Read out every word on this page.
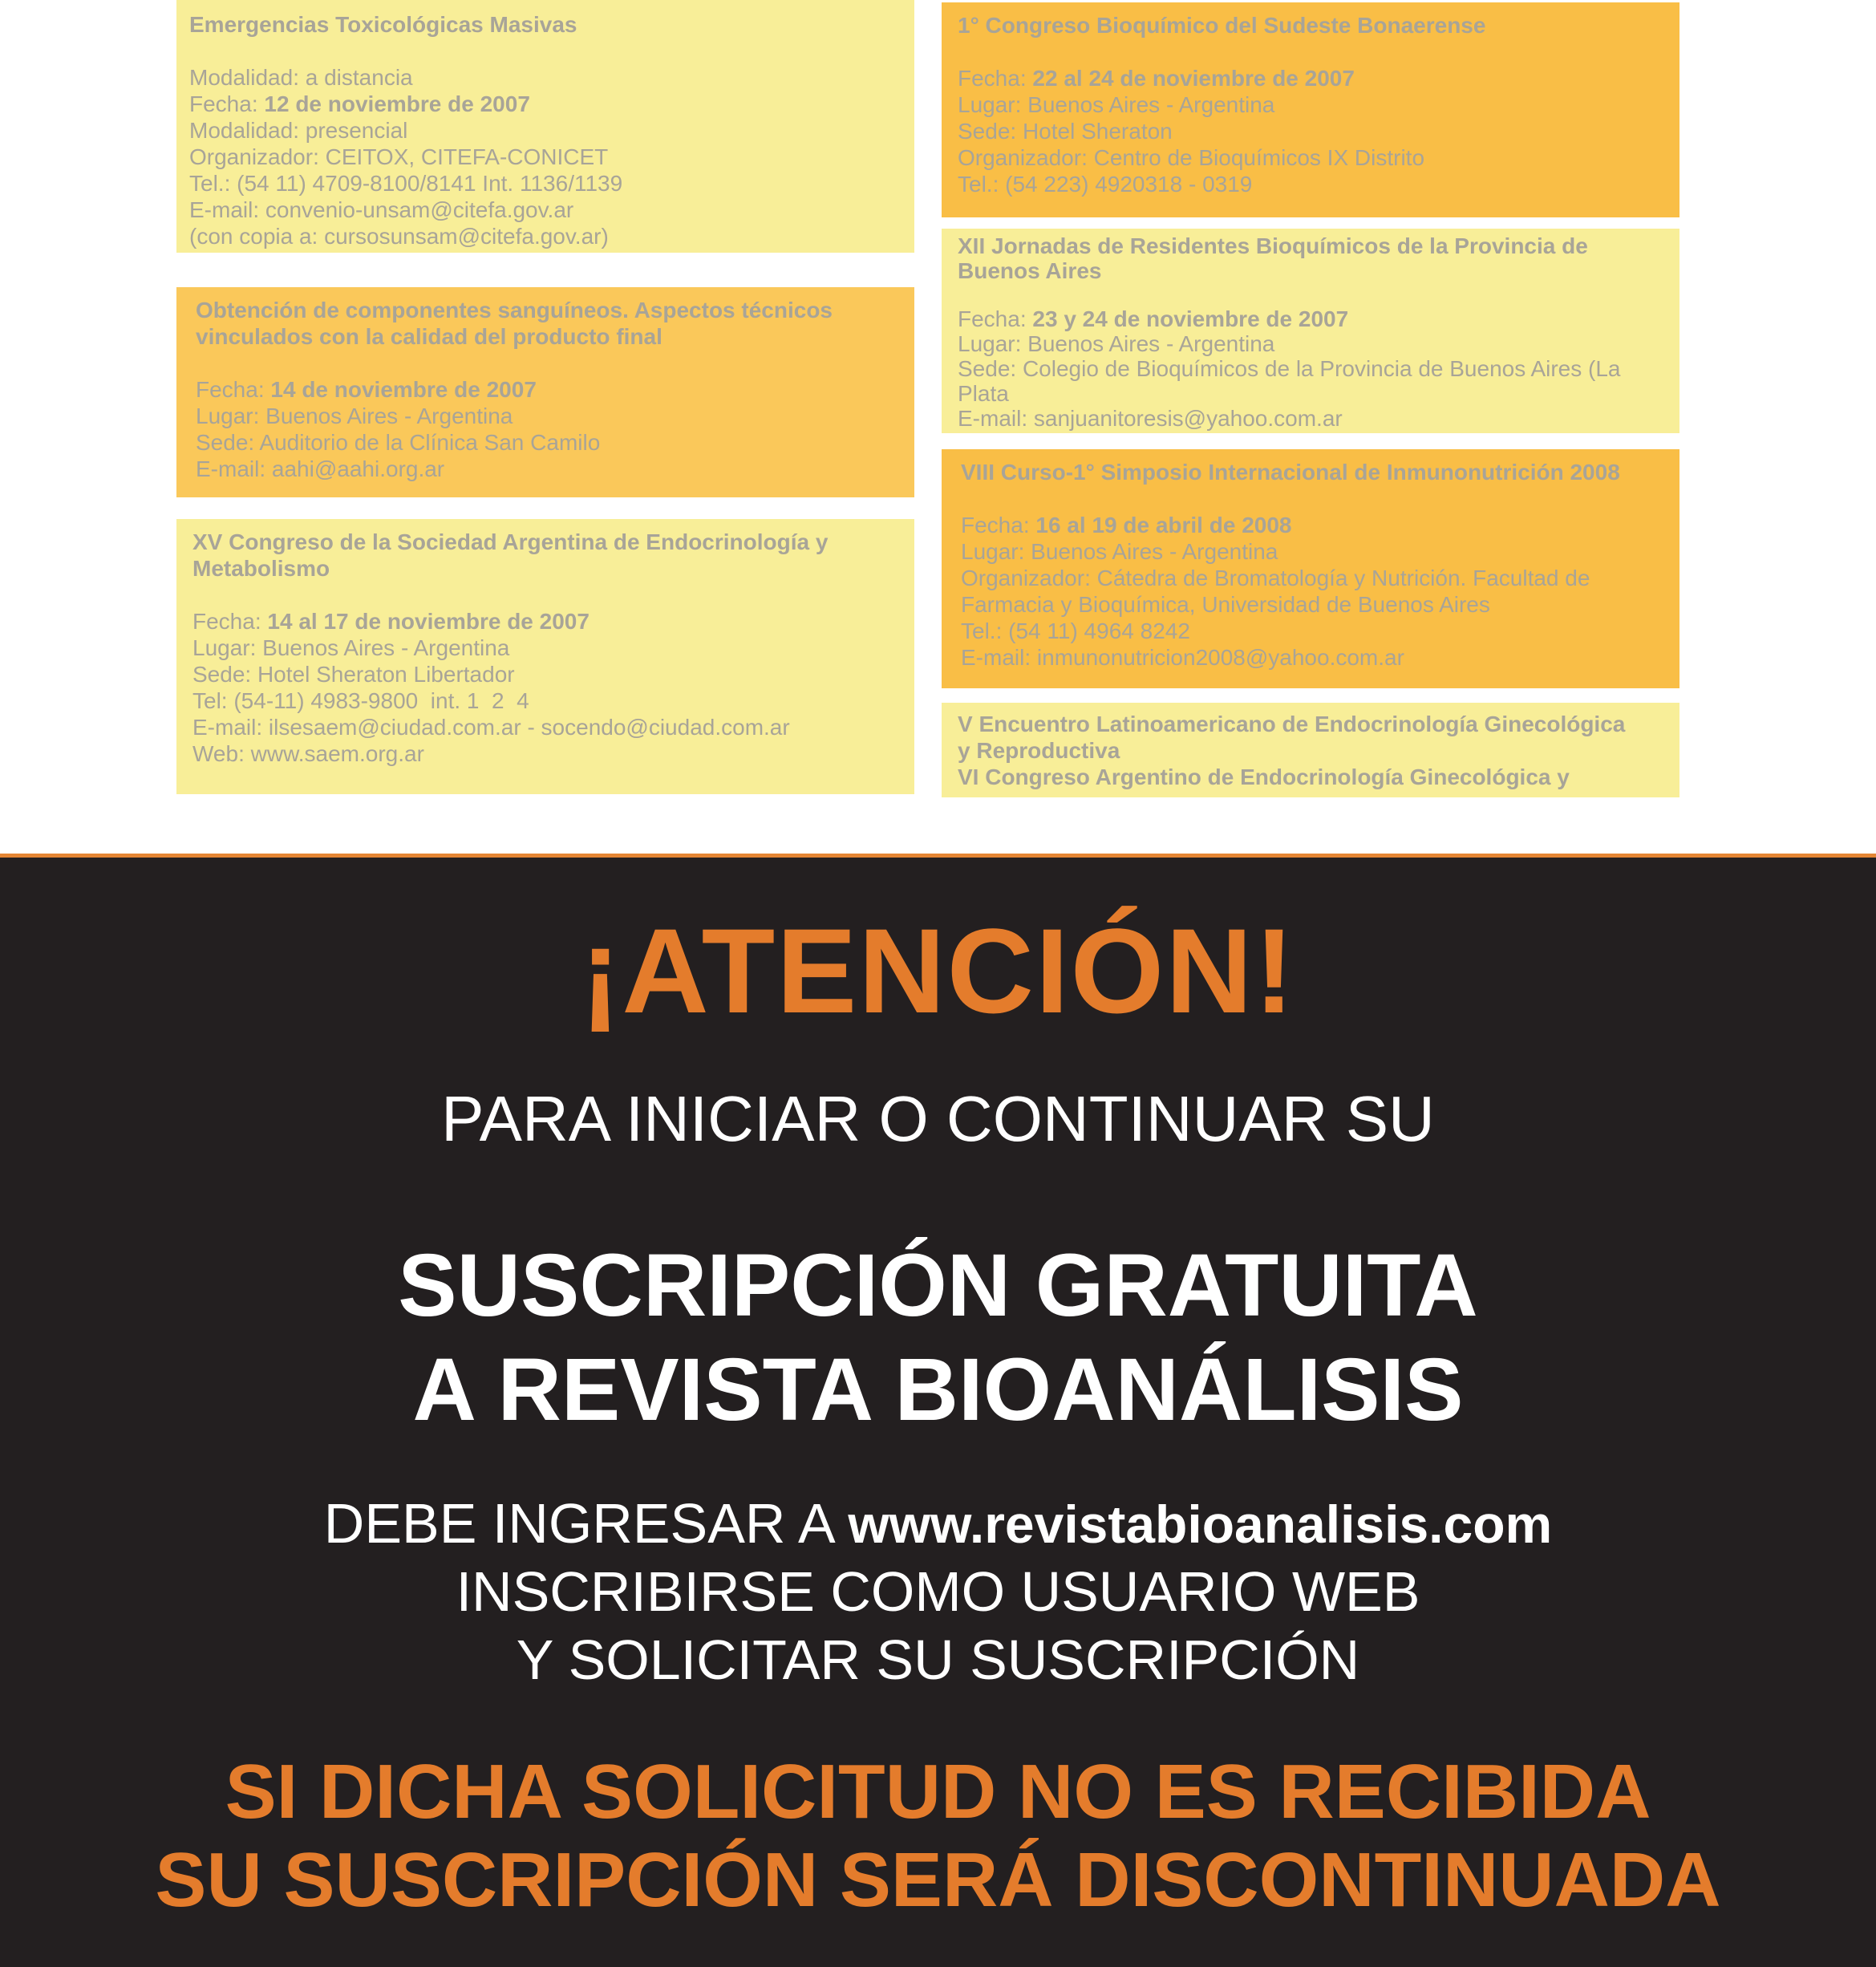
Emergencias Toxicológicas Masivas
Modalidad: a distancia
Fecha: 12 de noviembre de 2007
Modalidad: presencial
Organizador: CEITOX, CITEFA-CONICET
Tel.: (54 11) 4709-8100/8141 Int. 1136/1139
E-mail: convenio-unsam@citefa.gov.ar
(con copia a: cursosunsam@citefa.gov.ar)
Obtención de componentes sanguíneos. Aspectos técnicos
vinculados con la calidad del producto final
Fecha: 14 de noviembre de 2007
Lugar: Buenos Aires - Argentina
Sede: Auditorio de la Clínica San Camilo
E-mail: aahi@aahi.org.ar
XV Congreso de la Sociedad Argentina de Endocrinología y
Metabolismo
Fecha: 14 al 17 de noviembre de 2007
Lugar: Buenos Aires - Argentina
Sede: Hotel Sheraton Libertador
Tel: (54-11) 4983-9800  int. 1  2  4
E-mail: ilsesaem@ciudad.com.ar - socendo@ciudad.com.ar
Web: www.saem.org.ar
1° Congreso Bioquímico del Sudeste Bonaerense
Fecha: 22 al 24 de noviembre de 2007
Lugar: Buenos Aires - Argentina
Sede: Hotel Sheraton
Organizador: Centro de Bioquímicos IX Distrito
Tel.: (54 223) 4920318 - 0319
XII Jornadas de Residentes Bioquímicos de la Provincia de
Buenos Aires
Fecha: 23 y 24 de noviembre de 2007
Lugar: Buenos Aires - Argentina
Sede: Colegio de Bioquímicos de la Provincia de Buenos Aires (La
Plata
E-mail: sanjuanitoresis@yahoo.com.ar
VIII Curso-1° Simposio Internacional de Inmunonutrición 2008
Fecha: 16 al 19 de abril de 2008
Lugar: Buenos Aires - Argentina
Organizador: Cátedra de Bromatología y Nutrición. Facultad de
Farmacia y Bioquímica, Universidad de Buenos Aires
Tel.: (54 11) 4964 8242
E-mail: inmunonutricion2008@yahoo.com.ar
V Encuentro Latinoamericano de Endocrinología Ginecológica
y Reproductiva
VI Congreso Argentino de Endocrinología Ginecológica y
¡ATENCIÓN!
PARA INICIAR O CONTINUAR SU
SUSCRIPCIÓN GRATUITA
A REVISTA BIOANÁLISIS
DEBE INGRESAR A www.revistabioanalisis.com
INSCRIBIRSE COMO USUARIO WEB
Y SOLICITAR SU SUSCRIPCIÓN
SI DICHA SOLICITUD NO ES RECIBIDA
SU SUSCRIPCIÓN SERÁ DISCONTINUADA
